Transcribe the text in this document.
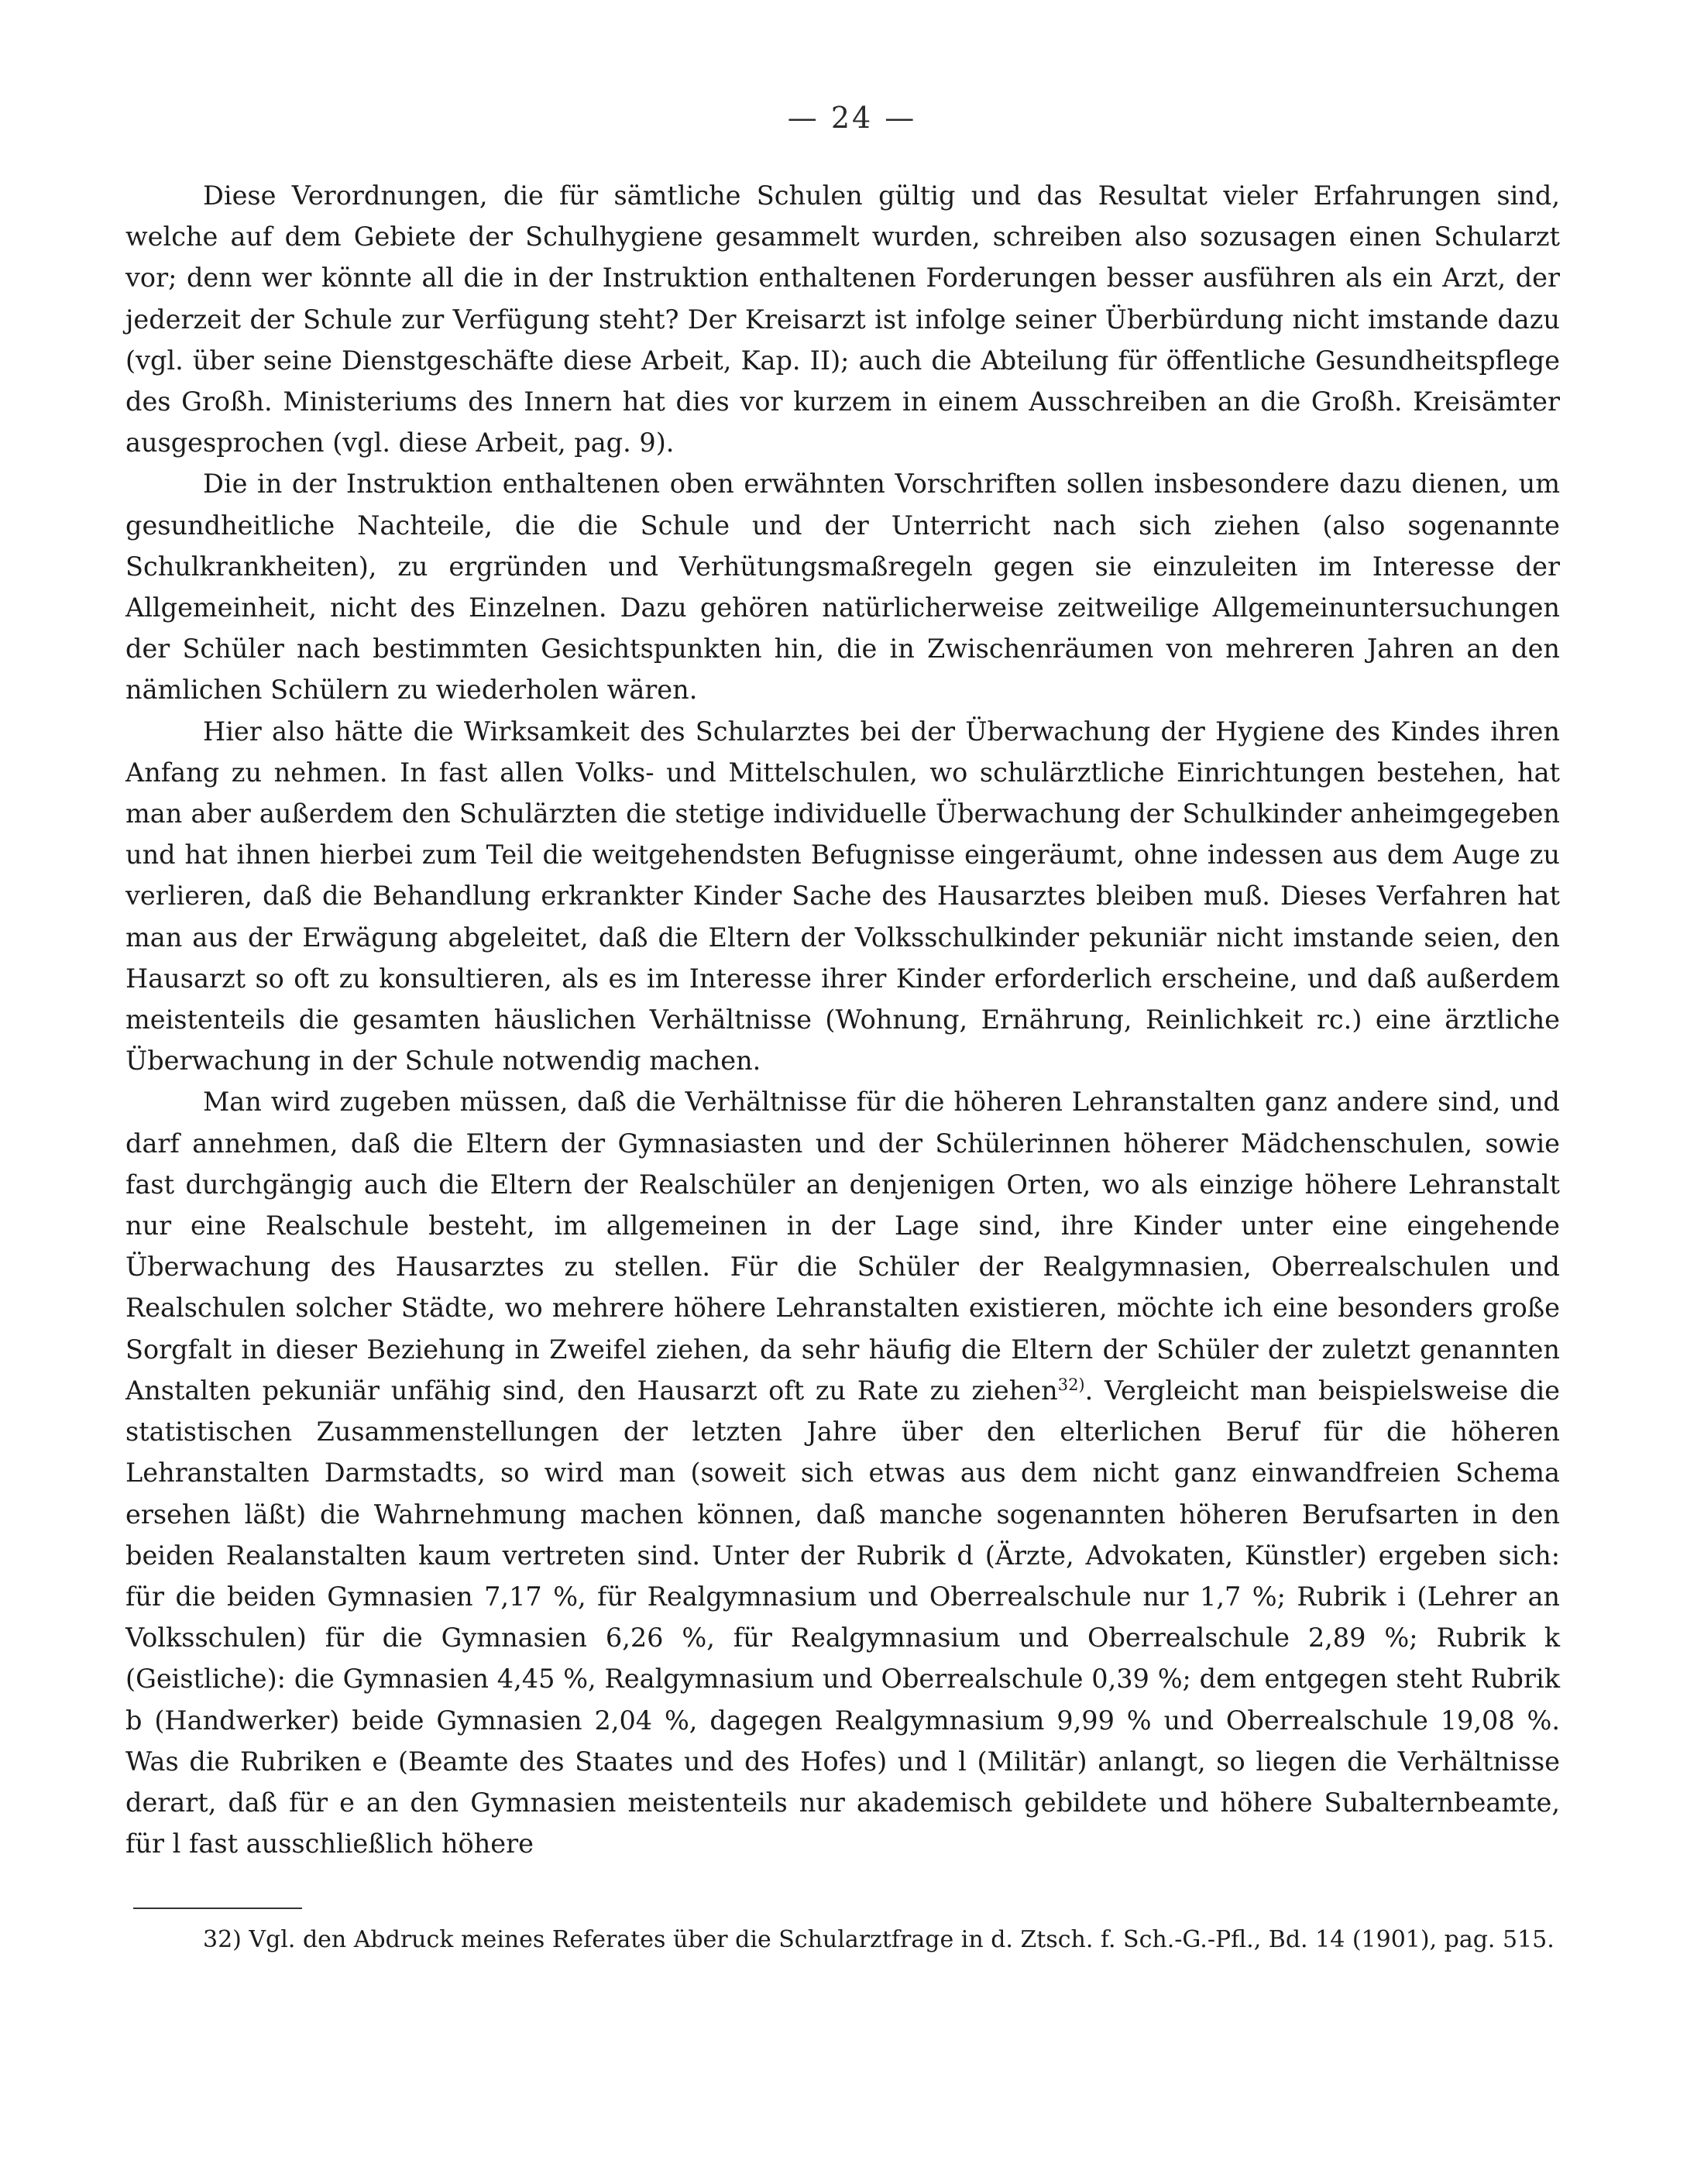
— 24 —

Diese Verordnungen, die für sämtliche Schulen gültig und das Resultat vieler Erfahrungen sind, welche auf dem Gebiete der Schulhygiene gesammelt wurden, schreiben also sozusagen einen Schularzt vor; denn wer könnte all die in der Instruktion enthaltenen Forderungen besser ausführen als ein Arzt, der jederzeit der Schule zur Verfügung steht? Der Kreisarzt ist infolge seiner Überbürdung nicht imstande dazu (vgl. über seine Dienstgeschäfte diese Arbeit, Kap. II); auch die Abteilung für öffentliche Gesundheitspflege des Großh. Ministeriums des Innern hat dies vor kurzem in einem Ausschreiben an die Großh. Kreisämter ausgesprochen (vgl. diese Arbeit, pag. 9).

Die in der Instruktion enthaltenen oben erwähnten Vorschriften sollen insbesondere dazu dienen, um gesundheitliche Nachteile, die die Schule und der Unterricht nach sich ziehen (also sogenannte Schulkrankheiten), zu ergründen und Verhütungsmaßregeln gegen sie einzuleiten im Interesse der Allgemeinheit, nicht des Einzelnen. Dazu gehören natürlicherweise zeitweilige Allgemeinuntersuchungen der Schüler nach bestimmten Gesichtspunkten hin, die in Zwischenräumen von mehreren Jahren an den nämlichen Schülern zu wiederholen wären.

Hier also hätte die Wirksamkeit des Schularztes bei der Überwachung der Hygiene des Kindes ihren Anfang zu nehmen. In fast allen Volks- und Mittelschulen, wo schulärztliche Einrichtungen bestehen, hat man aber außerdem den Schulärzten die stetige individuelle Überwachung der Schulkinder anheimgegeben und hat ihnen hierbei zum Teil die weitgehendsten Befugnisse eingeräumt, ohne indessen aus dem Auge zu verlieren, daß die Behandlung erkrankter Kinder Sache des Hausarztes bleiben muß. Dieses Verfahren hat man aus der Erwägung abgeleitet, daß die Eltern der Volksschulkinder pekuniär nicht imstande seien, den Hausarzt so oft zu konsultieren, als es im Interesse ihrer Kinder erforderlich erscheine, und daß außerdem meistenteils die gesamten häuslichen Verhältnisse (Wohnung, Ernährung, Reinlichkeit rc.) eine ärztliche Überwachung in der Schule notwendig machen.

Man wird zugeben müssen, daß die Verhältnisse für die höheren Lehranstalten ganz andere sind, und darf annehmen, daß die Eltern der Gymnasiasten und der Schülerinnen höherer Mädchenschulen, sowie fast durchgängig auch die Eltern der Realschüler an denjenigen Orten, wo als einzige höhere Lehranstalt nur eine Realschule besteht, im allgemeinen in der Lage sind, ihre Kinder unter eine eingehende Überwachung des Hausarztes zu stellen. Für die Schüler der Realgymnasien, Oberrealschulen und Realschulen solcher Städte, wo mehrere höhere Lehranstalten existieren, möchte ich eine besonders große Sorgfalt in dieser Beziehung in Zweifel ziehen, da sehr häufig die Eltern der Schüler der zuletzt genannten Anstalten pekuniär unfähig sind, den Hausarzt oft zu Rate zu ziehen$^{32)}$. Vergleicht man beispielsweise die statistischen Zusammenstellungen der letzten Jahre über den elterlichen Beruf für die höheren Lehranstalten Darmstadts, so wird man (soweit sich etwas aus dem nicht ganz einwandfreien Schema ersehen läßt) die Wahrnehmung machen können, daß manche sogenannten höheren Berufsarten in den beiden Realanstalten kaum vertreten sind. Unter der Rubrik d (Ärzte, Advokaten, Künstler) ergeben sich: für die beiden Gymnasien 7,17 %, für Realgymnasium und Oberrealschule nur 1,7 %; Rubrik i (Lehrer an Volksschulen) für die Gymnasien 6,26 %, für Realgymnasium und Oberrealschule 2,89 %; Rubrik k (Geistliche): die Gymnasien 4,45 %, Realgymnasium und Oberrealschule 0,39 %; dem entgegen steht Rubrik b (Handwerker) beide Gymnasien 2,04 %, dagegen Realgymnasium 9,99 % und Oberrealschule 19,08 %. Was die Rubriken e (Beamte des Staates und des Hofes) und l (Militär) anlangt, so liegen die Verhältnisse derart, daß für e an den Gymnasien meistenteils nur akademisch gebildete und höhere Subalternbeamte, für l fast ausschließlich höhere

32) Vgl. den Abdruck meines Referates über die Schularztfrage in d. Ztsch. f. Sch.-G.-Pfl., Bd. 14 (1901), pag. 515.
